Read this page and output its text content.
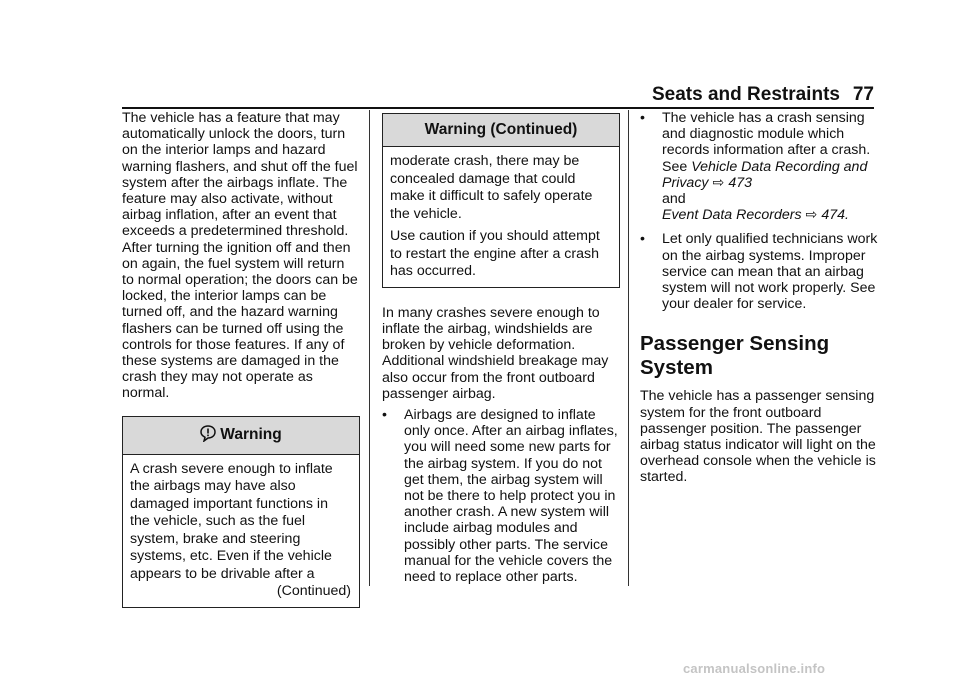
Seats and Restraints 77

The vehicle has a feature that may automatically unlock the doors, turn on the interior lamps and hazard warning flashers, and shut off the fuel system after the airbags inflate. The feature may also activate, without airbag inflation, after an event that exceeds a predetermined threshold. After turning the ignition off and then on again, the fuel system will return to normal operation; the doors can be locked, the interior lamps can be turned off, and the hazard warning flashers can be turned off using the controls for those features. If any of these systems are damaged in the crash they may not operate as normal.

Warning

A crash severe enough to inflate the airbags may have also damaged important functions in the vehicle, such as the fuel system, brake and steering systems, etc. Even if the vehicle appears to be drivable after a

(Continued)

Warning (Continued)

moderate crash, there may be concealed damage that could make it difficult to safely operate the vehicle.

Use caution if you should attempt to restart the engine after a crash has occurred.

In many crashes severe enough to inflate the airbag, windshields are broken by vehicle deformation. Additional windshield breakage may also occur from the front outboard passenger airbag.

•	Airbags are designed to inflate only once. After an airbag inflates, you will need some new parts for the airbag system. If you do not get them, the airbag system will not be there to help protect you in another crash. A new system will include airbag modules and possibly other parts. The service manual for the vehicle covers the need to replace other parts.
•	The vehicle has a crash sensing and diagnostic module which records information after a crash. See Vehicle Data Recording and Privacy ⇨ 473
and
Event Data Recorders ⇨ 474.
•	Let only qualified technicians work on the airbag systems. Improper service can mean that an airbag system will not work properly. See your dealer for service.
Passenger Sensing System

The vehicle has a passenger sensing system for the front outboard passenger position. The passenger airbag status indicator will light on the overhead console when the vehicle is started.

carmanualsonline.info
